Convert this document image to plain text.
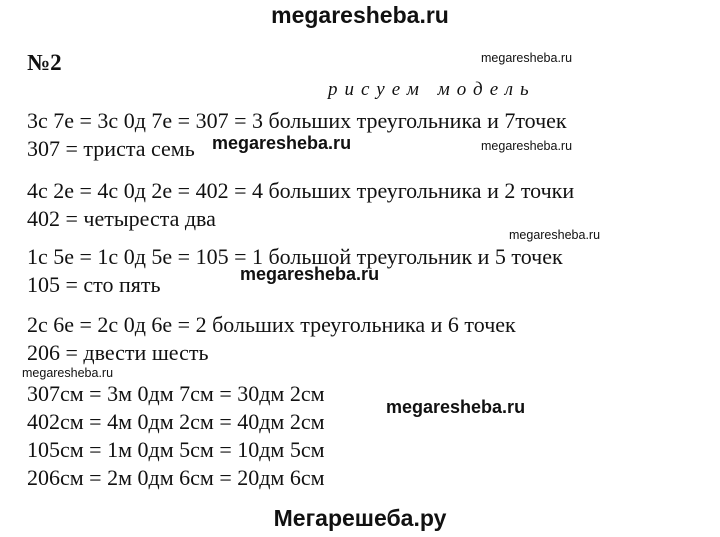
megaresheba.ru
№2
рисуем модель
3с 7е = 3с 0д 7е = 307 = 3 больших треугольника и 7точек
307 = триста семь
4с 2е = 4с 0д 2е = 402 = 4 больших треугольника и 2 точки
402 = четыреста два
1с 5е = 1с 0д 5е = 105 = 1 большой треугольник и 5 точек
105 = сто пять
2с 6е = 2с 0д 6е = 2 больших треугольника и 6 точек
206 = двести шесть
307см = 3м 0дм 7см = 30дм 2см
402см = 4м 0дм 2см = 40дм 2см
105см = 1м 0дм 5см = 10дм 5см
206см = 2м 0дм 6см = 20дм 6см
megaresheba.ru
megaresheba.ru
megaresheba.ru
megaresheba.ru
megaresheba.ru
megaresheba.ru
megaresheba.ru
Мегарешеба.ру
